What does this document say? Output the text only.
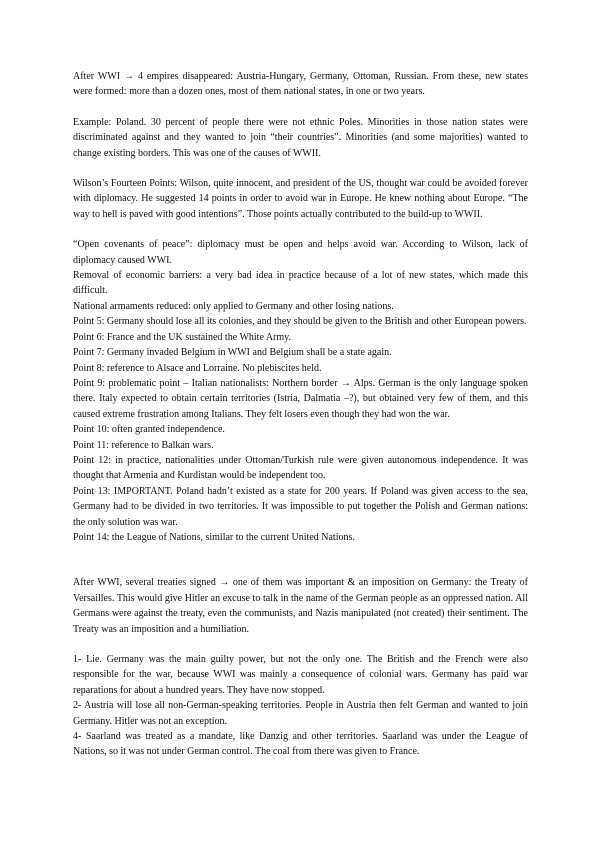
After WWI → 4 empires disappeared: Austria-Hungary, Germany, Ottoman, Russian. From these, new states were formed: more than a dozen ones, most of them national states, in one or two years.

Example: Poland. 30 percent of people there were not ethnic Poles. Minorities in those nation states were discriminated against and they wanted to join “their countries”. Minorities (and some majorities) wanted to change existing borders. This was one of the causes of WWII.

Wilson’s Fourteen Points: Wilson, quite innocent, and president of the US, thought war could be avoided forever with diplomacy. He suggested 14 points in order to avoid war in Europe. He knew nothing about Europe. “The way to hell is paved with good intentions”. Those points actually contributed to the build-up to WWII.

“Open covenants of peace”: diplomacy must be open and helps avoid war. According to Wilson, lack of diplomacy caused WWI.

Removal of economic barriers: a very bad idea in practice because of a lot of new states, which made this difficult.

National armaments reduced: only applied to Germany and other losing nations.

Point 5: Germany should lose all its colonies, and they should be given to the British and other European powers.

Point 6: France and the UK sustained the White Army.

Point 7: Germany invaded Belgium in WWI and Belgium shall be a state again.

Point 8: reference to Alsace and Lorraine. No plebiscites held.

Point 9: problematic point – Italian nationalists: Northern border → Alps. German is the only language spoken there. Italy expected to obtain certain territories (Istria, Dalmatia –?), but obtained very few of them, and this caused extreme frustration among Italians. They felt losers even though they had won the war.

Point 10: often granted independence.

Point 11: reference to Balkan wars.

Point 12: in practice, nationalities under Ottoman/Turkish rule were given autonomous independence. It was thought that Armenia and Kurdistan would be independent too.

Point 13: IMPORTANT. Poland hadn’t existed as a state for 200 years. If Poland was given access to the sea, Germany had to be divided in two territories. It was impossible to put together the Polish and German nations: the only solution was war.

Point 14: the League of Nations, similar to the current United Nations.

After WWI, several treaties signed → one of them was important & an imposition on Germany: the Treaty of Versailles. This would give Hitler an excuse to talk in the name of the German people as an oppressed nation. All Germans were against the treaty, even the communists, and Nazis manipulated (not created) their sentiment. The Treaty was an imposition and a humiliation.

1- Lie. Germany was the main guilty power, but not the only one. The British and the French were also responsible for the war, because WWI was mainly a consequence of colonial wars. Germany has paid war reparations for about a hundred years. They have now stopped.

2- Austria will lose all non-German-speaking territories. People in Austria then felt German and wanted to join Germany. Hitler was not an exception.

4- Saarland was treated as a mandate, like Danzig and other territories. Saarland was under the League of Nations, so it was not under German control. The coal from there was given to France.
